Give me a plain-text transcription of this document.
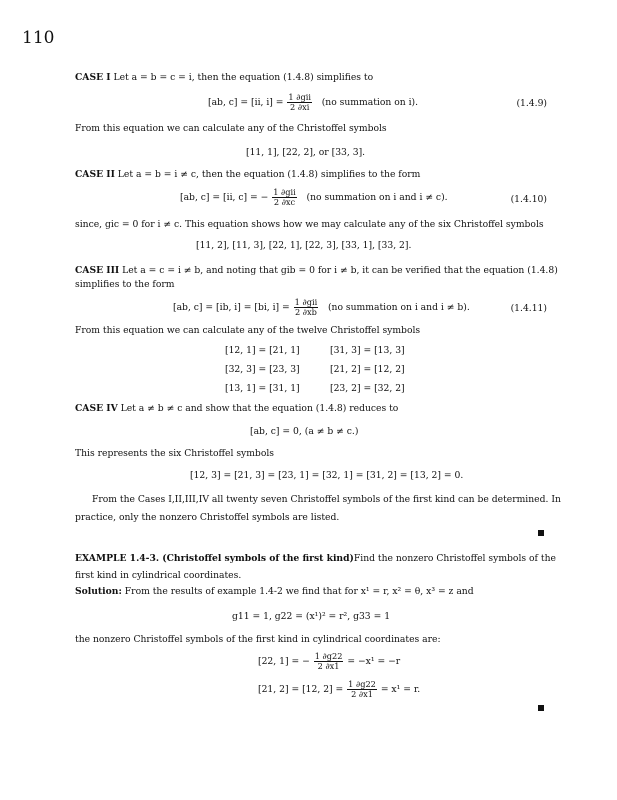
110
CASE I Let a = b = c = i, then the equation (1.4.8) simplifies to
[ab, c] = [ii, $i] = \frac{\text{1 ∂gii}}{2 \partial xi} (no$ summation on i).	(1.4.9)
From this equation we can calculate any of the Christoffel symbols
[11, 1], [22, 2], or [33, 3].
CASE II Let a = b = i ≠ c, then the equation (1.4.8) simplifies to the form
[ab, c] = [ii, c] = − $\frac{\text{1 ∂gii}}{2 \partial xc} (no$ summation on i and i ≠ c).	(1.4.10)
since, gic = 0 for i ≠ c. This equation shows how we may calculate any of the six Christoffel symbols
[11, 2], [11, 3], [22, 1], [22, 3], [33, 1], [33, 2].
CASE III Let a = c = i ≠ b, and noting that gib = 0 for i ≠ b, it can be verified that the equation (1.4.8)
simplifies to the form
[ab, c] = [ib, i] = [bi, $i] = \frac{\text{1 ∂gii}}{2 \partial xb} (no$ summation on i and i ≠ b).	(1.4.11)
From this equation we can calculate any of the twelve Christoffel symbols
[12, 1] = [21, 1]	[31, 3] = [13, 3]
[32, 3] = [23, 3]	[21, 2] = [12, 2]
[13, 1] = [31, 1]	[23, 2] = [32, 2]
CASE IV Let a ≠ b ≠ c and show that the equation (1.4.8) reduces to
[ab, c] = 0, (a ≠ b ≠ c.)
This represents the six Christoffel symbols
[12, 3] = [21, 3] = [23, 1] = [32, 1] = [31, 2] = [13, 2] = 0.
From the Cases I,II,III,IV all twenty seven Christoffel symbols of the first kind can be determined. In
practice, only the nonzero Christoffel symbols are listed.
EXAMPLE 1.4-3. (Christoffel symbols of the first kind)Find the nonzero Christoffel symbols of the
first kind in cylindrical coordinates.
Solution: From the results of example 1.4-2 we find that for x¹ = r, x² = θ, x³ = z and
g11 = 1, g22 = (x¹)² = r², g33 = 1
the nonzero Christoffel symbols of the first kind in cylindrical coordinates are:
[22, 1] = − $\frac{1 \partial g22}{2 \partial x1} = -x^1 = -r$
[21, 2] = [12, $2] = \frac{1 \partial g22}{2 \partial x1} = x^1 = r$.
